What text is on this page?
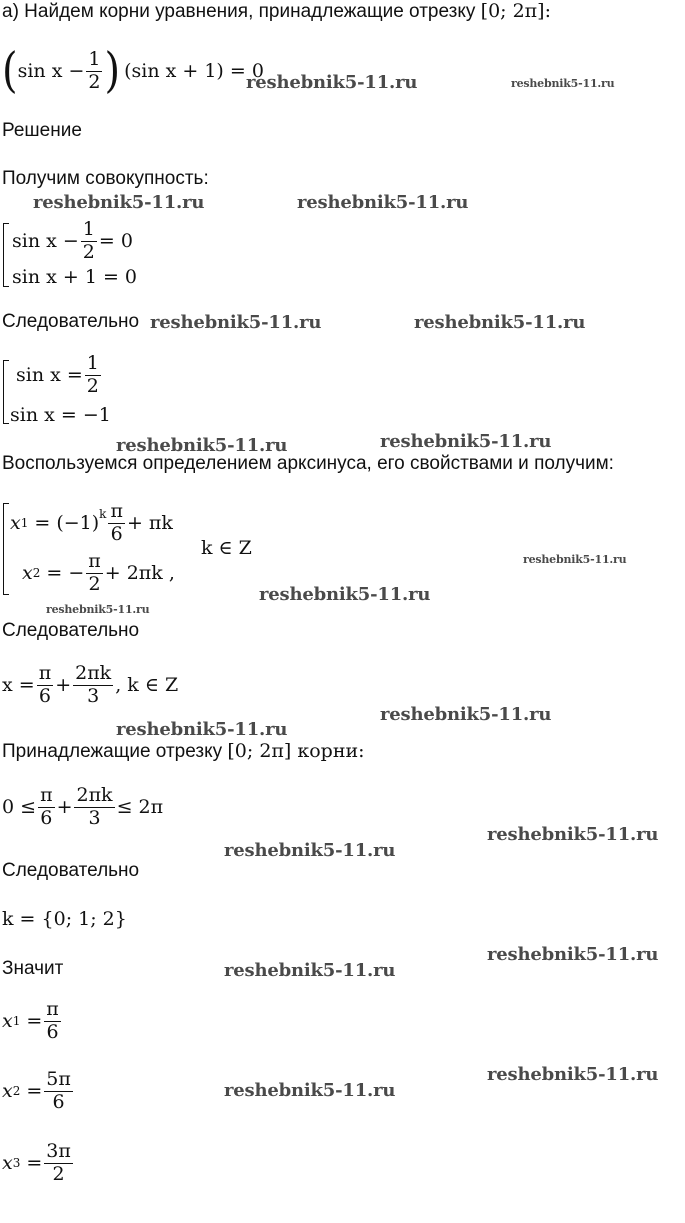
а) Найдем корни уравнения, принадлежащие отрезку [0; 2π]:
( $\sin x - \frac{1}{2}$ ) (sin x + 1) = 0
Решение
Получим совокупность:
$\sin x - \frac{1}{2} = 0$
sin x + 1 = 0
Следовательно
$\sin x = \frac{1}{2}$
sin x = −1
Воспользуемся определением арксинуса, его свойствами и получим:
x $1 = (-1)^k \frac{\pi}{6} + \pi k$
x 2 = − $\frac{\pi}{2} + 2\pi k$ ,
k ∈ Z
Следовательно
$x = \frac{\pi}{6} + \frac{2\pi k}{3}$ , k ∈ Z
Принадлежащие отрезку [0; 2π] корни:
$0 \le \frac{\pi}{6} + \frac{2\pi k}{3} \le 2\pi$
Следовательно
k = {0; 1; 2}
Значит
x $1 = \frac{\pi}{6}$
x $2 = \frac{5\pi}{6}$
x $3 = \frac{3\pi}{2}$
reshebnik5-11.ru	reshebnik5-11.ru
reshebnik5-11.ru	reshebnik5-11.ru
reshebnik5-11.ru	reshebnik5-11.ru
reshebnik5-11.ru	reshebnik5-11.ru
reshebnik5-11.ru
reshebnik5-11.ru
reshebnik5-11.ru
reshebnik5-11.ru
reshebnik5-11.ru
reshebnik5-11.ru
reshebnik5-11.ru
reshebnik5-11.ru
reshebnik5-11.ru
reshebnik5-11.ru
reshebnik5-11.ru
